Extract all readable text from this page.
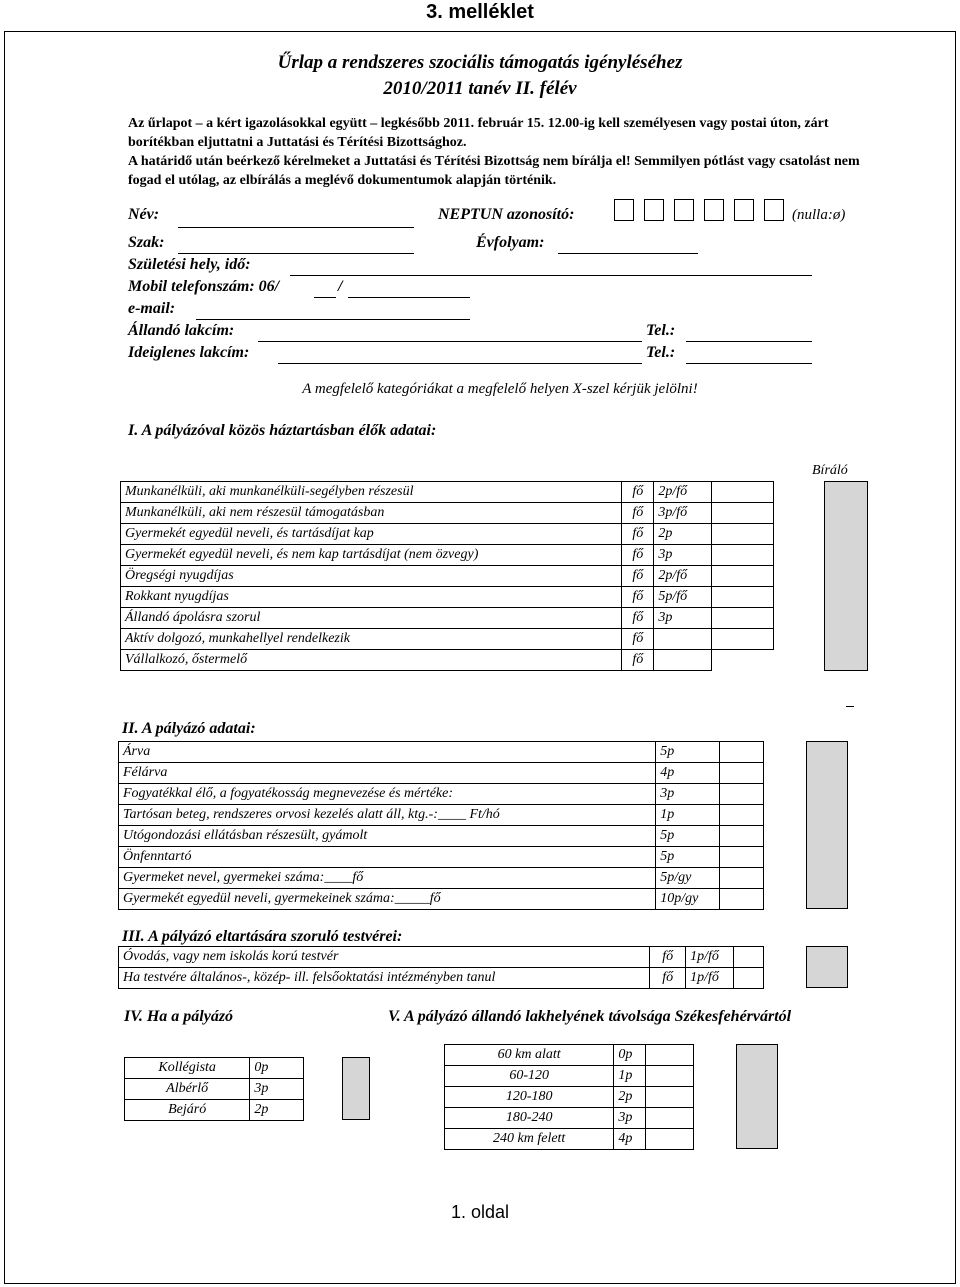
3. melléklet
Űrlap a rendszeres szociális támogatás igényléséhez
2010/2011 tanév II. félév

Az űrlapot – a kért igazolásokkal együtt – legkésőbb 2011. február 15. 12.00-ig kell személyesen vagy postai úton, zárt borítékban eljuttatni a Juttatási és Térítési Bizottsághoz.

A határidő után beérkező kérelmeket a Juttatási és Térítési Bizottság nem bírálja el! Semmilyen pótlást vagy csatolást nem fogad el utólag, az elbírálás a meglévő dokumentumok alapján történik.

Név:	NEPTUN azonosító:	(nulla:ø)
Szak:	Évfolyam:
Születési hely, idő:
Mobil telefonszám: 06/	/
e-mail:
Állandó lakcím:	Tel.:
Ideiglenes lakcím:	Tel.:
A megfelelő kategóriákat a megfelelő helyen X-szel kérjük jelölni!
I. A pályázóval közös háztartásban élők adatai:
Bíráló
Munkanélküli, aki munkanélküli-segélyben részesül	fő	2p/fő	
Munkanélküli, aki nem részesül támogatásban	fő	3p/fő	
Gyermekét egyedül neveli, és tartásdíjat kap	fő	2p	
Gyermekét egyedül neveli, és nem kap tartásdíjat (nem özvegy)	fő	3p	
Öregségi nyugdíjas	fő	2p/fő	
Rokkant nyugdíjas	fő	5p/fő	
Állandó ápolásra szorul	fő	3p	
Aktív dolgozó, munkahellyel rendelkezik	fő		
Vállalkozó, őstermelő	fő		
II. A pályázó adatai:
Árva	5p	
Félárva	4p	
Fogyatékkal élő, a fogyatékosság megnevezése és mértéke:	3p	
Tartósan beteg, rendszeres orvosi kezelés alatt áll, ktg.-:____ Ft/hó	1p	
Utógondozási ellátásban részesült, gyámolt	5p	
Önfenntartó	5p	
Gyermeket nevel, gyermekei száma:____fő	5p/gy	
Gyermekét egyedül neveli, gyermekeinek száma:_____fő	10p/gy	
III. A pályázó eltartására szoruló testvérei:
Óvodás, vagy nem iskolás korú testvér	fő	1p/fő	
Ha testvére általános-, közép- ill. felsőoktatási intézményben tanul	fő	1p/fő	
IV. Ha a pályázó
Kollégista	0p
Albérlő	3p
Bejáró	2p
V. A pályázó állandó lakhelyének távolsága Székesfehérvártól
60 km alatt	0p	
60-120	1p	
120-180	2p	
180-240	3p	
240 km felett	4p	
1. oldal
